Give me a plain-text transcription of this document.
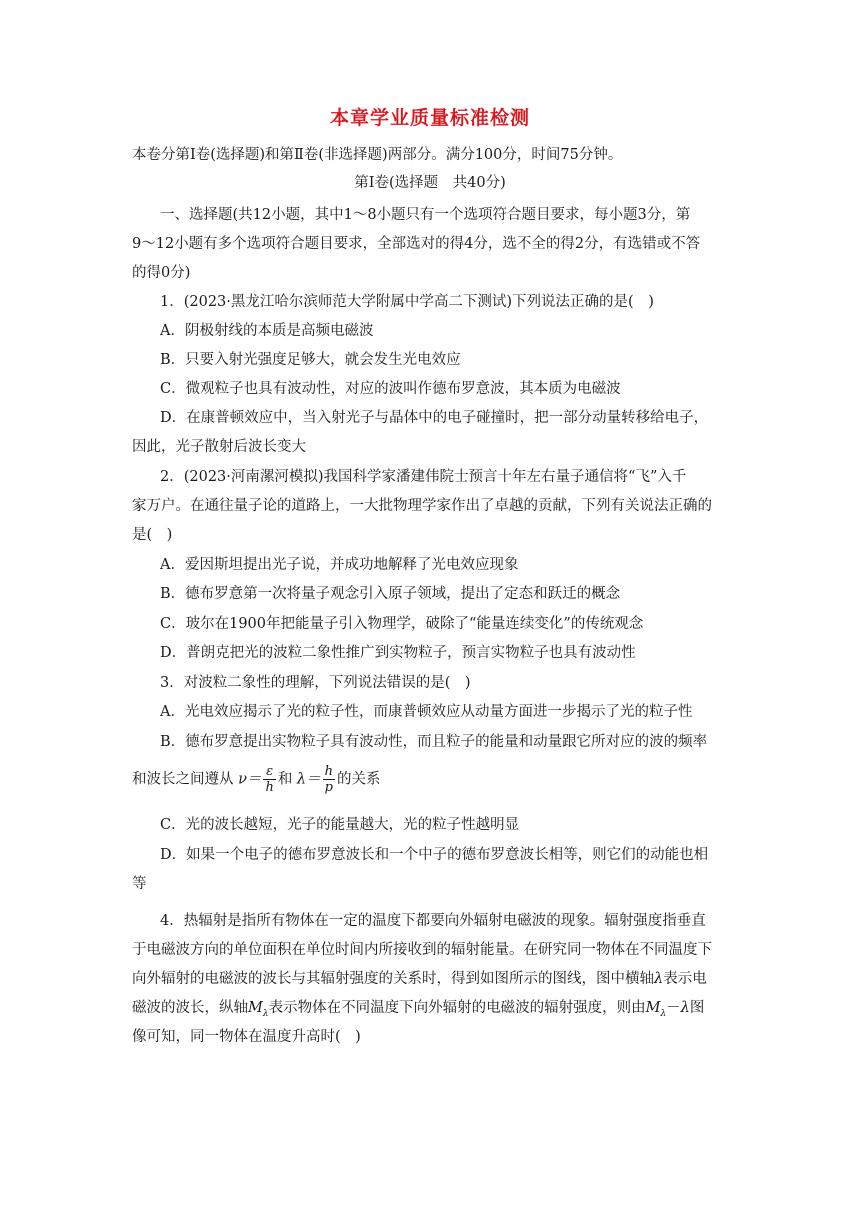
本章学业质量标准检测
本卷分第Ⅰ卷(选择题)和第Ⅱ卷(非选择题)两部分。满分100分，时间75分钟。
第Ⅰ卷(选择题　共40分)
一、选择题(共12小题，其中1～8小题只有一个选项符合题目要求，每小题3分，第
9～12小题有多个选项符合题目要求，全部选对的得4分，选不全的得2分，有选错或不答
的得0分)
1．(2023·黑龙江哈尔滨师范大学附属中学高二下测试)下列说法正确的是(　)
A．阴极射线的本质是高频电磁波
B．只要入射光强度足够大，就会发生光电效应
C．微观粒子也具有波动性，对应的波叫作德布罗意波，其本质为电磁波
D．在康普顿效应中，当入射光子与晶体中的电子碰撞时，把一部分动量转移给电子，
因此，光子散射后波长变大
2．(2023·河南漯河模拟)我国科学家潘建伟院士预言十年左右量子通信将“飞”入千
家万户。在通往量子论的道路上，一大批物理学家作出了卓越的贡献，下列有关说法正确的
是(　)
A．爱因斯坦提出光子说，并成功地解释了光电效应现象
B．德布罗意第一次将量子观念引入原子领域，提出了定态和跃迁的概念
C．玻尔在1900年把能量子引入物理学，破除了“能量连续变化”的传统观念
D．普朗克把光的波粒二象性推广到实物粒子，预言实物粒子也具有波动性
3．对波粒二象性的理解，下列说法错误的是(　)
A．光电效应揭示了光的粒子性，而康普顿效应从动量方面进一步揭示了光的粒子性
B．德布罗意提出实物粒子具有波动性，而且粒子的能量和动量跟它所对应的波的频率
和波长之间遵从 $\nu= \frac{\varepsilon}{h}$ 和 $\lambda= \frac{h}{p}$ 的关系
C．光的波长越短，光子的能量越大，光的粒子性越明显
D．如果一个电子的德布罗意波长和一个中子的德布罗意波长相等，则它们的动能也相
等
4．热辐射是指所有物体在一定的温度下都要向外辐射电磁波的现象。辐射强度指垂直
于电磁波方向的单位面积在单位时间内所接收到的辐射能量。在研究同一物体在不同温度下
向外辐射的电磁波的波长与其辐射强度的关系时，得到如图所示的图线，图中横轴λ表示电
磁波的波长，纵轴$M_\lambda$表示物体在不同温度下向外辐射的电磁波的辐射强度，则由$M_\lambda-\lambda$图
像可知，同一物体在温度升高时(　)
